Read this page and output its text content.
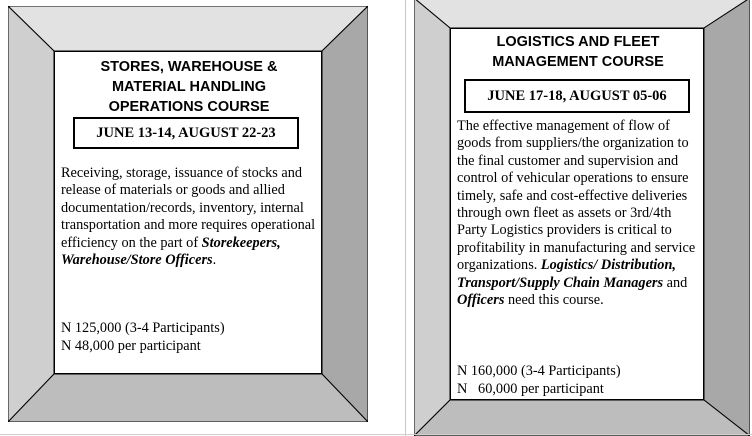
STORES, WAREHOUSE &
MATERIAL HANDLING
OPERATIONS COURSE
JUNE 13-14, AUGUST 22-23
Receiving, storage, issuance of stocks and release of materials or goods and allied documentation/records, inventory, internal transportation and more requires operational efficiency on the part of Storekeepers, Warehouse/Store Officers.
N 125,000 (3-4 Participants)
N 48,000 per participant
LOGISTICS AND FLEET
MANAGEMENT COURSE
JUNE 17-18, AUGUST 05-06
The effective management of flow of goods from suppliers/the organization to the final customer and supervision and control of vehicular operations to ensure timely, safe and cost-effective deliveries through own fleet as assets or 3rd/4th Party Logistics providers is critical to profitability in manufacturing and service organizations. Logistics/ Distribution, Transport/Supply Chain Managers and Officers need this course.
N 160,000 (3-4 Participants)
N   60,000 per participant
